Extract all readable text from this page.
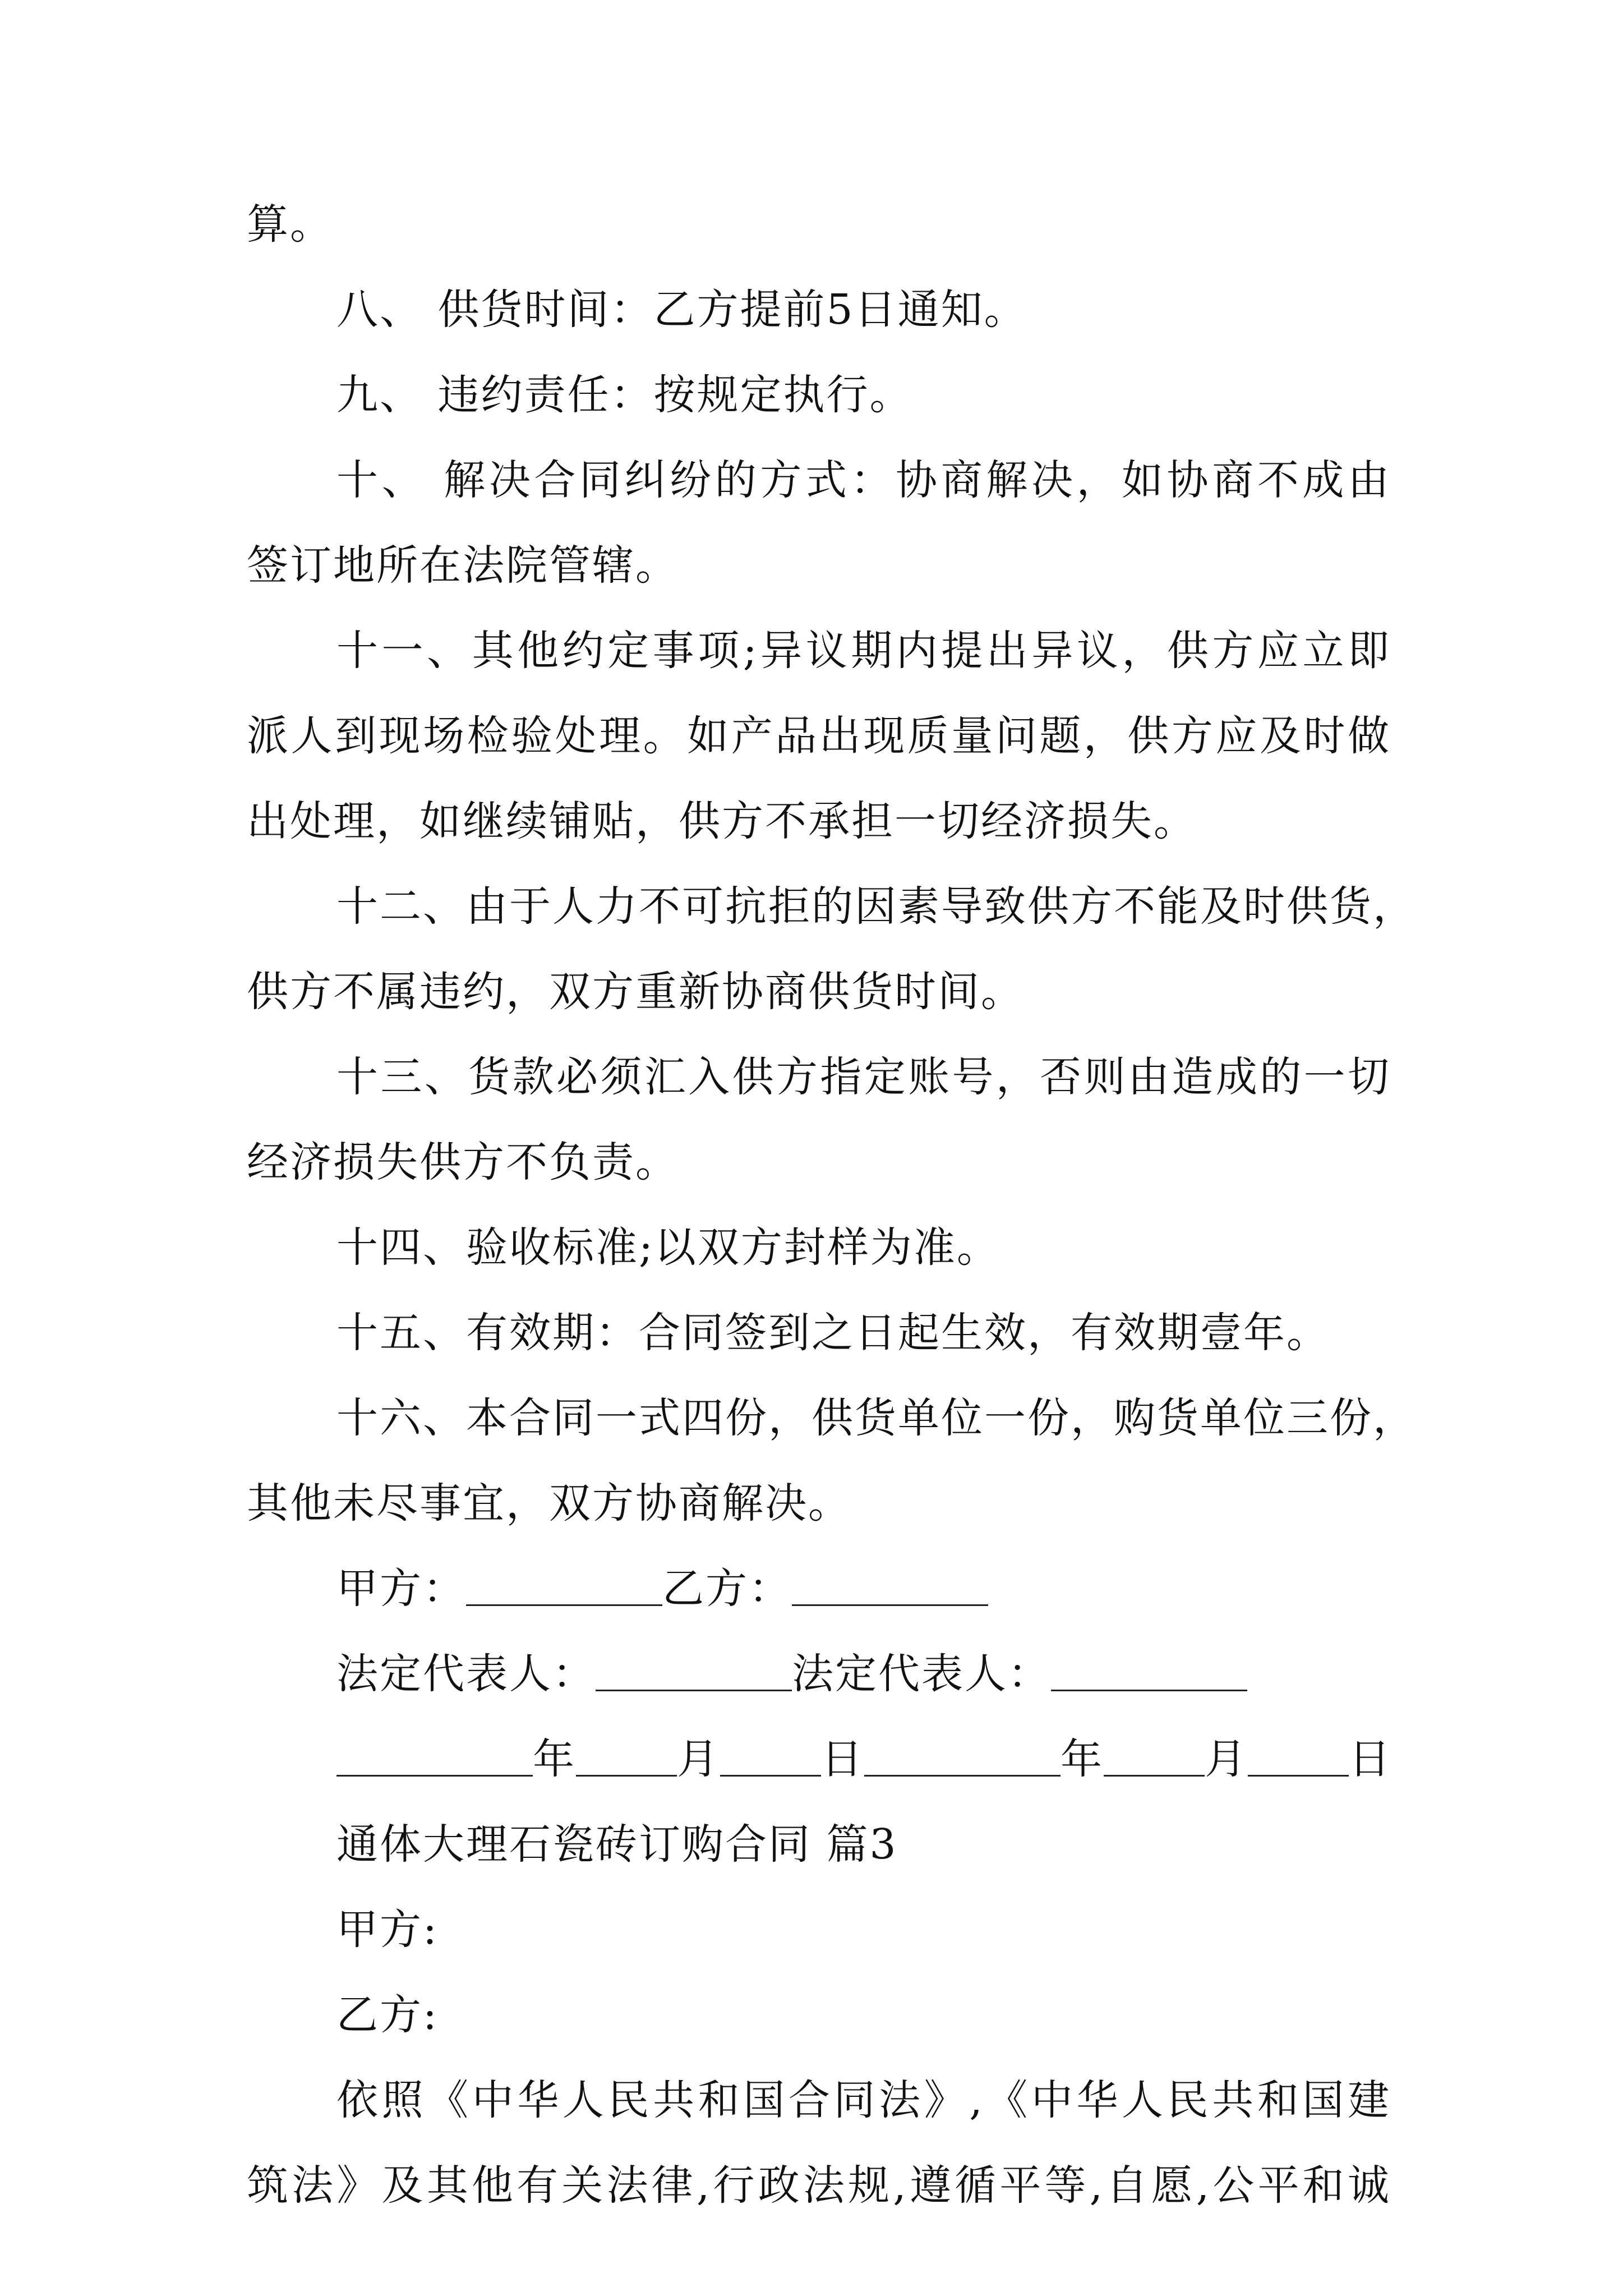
算。
八、 供货时间：乙方提前5日通知。
九、 违约责任：按规定执行。
十、 解决合同纠纷的方式：协商解决，如协商不成由
签订地所在法院管辖。
十一、其他约定事项;异议期内提出异议，供方应立即
派人到现场检验处理。如产品出现质量问题，供方应及时做
出处理，如继续铺贴，供方不承担一切经济损失。
十二、由于人力不可抗拒的因素导致供方不能及时供货，
供方不属违约，双方重新协商供货时间。
十三、货款必须汇入供方指定账号，否则由造成的一切
经济损失供方不负责。
十四、验收标准;以双方封样为准。
十五、有效期：合同签到之日起生效，有效期壹年。
十六、本合同一式四份，供货单位一份，购货单位三份，
其他未尽事宜，双方协商解决。
甲方：	乙方：
法定代表人：	法定代表人：
年 月 日	年 月 日
通体大理石瓷砖订购合同 篇3
甲方:
乙方:
依照《中华人民共和国合同法》,《中华人民共和国建
筑法》及其他有关法律,行政法规,遵循平等,自愿,公平和诚
